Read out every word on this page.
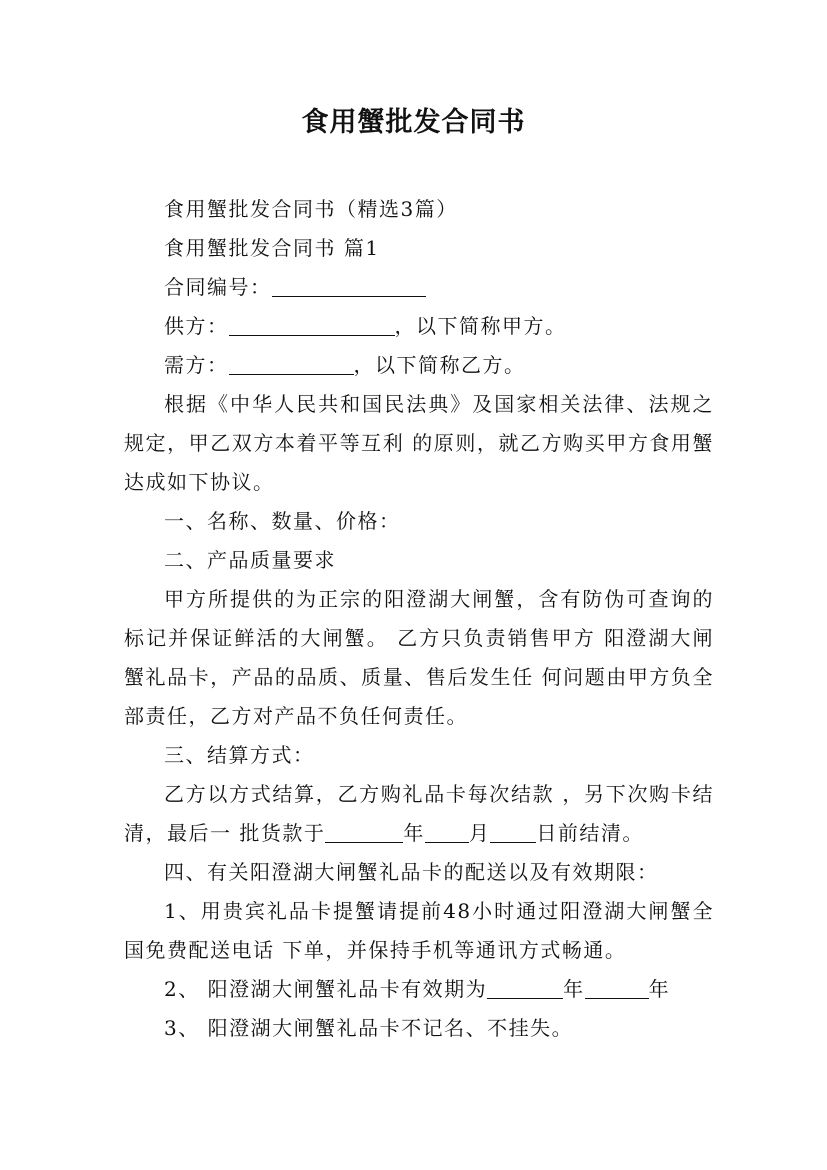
食用蟹批发合同书

食用蟹批发合同书（精选3篇）

食用蟹批发合同书 篇1

合同编号：

供方：	，以下简称甲方。

需方：	，以下简称乙方。

根据《中华人民共和国民法典》及国家相关法律、法规之规定，甲乙双方本着平等互利 的原则，就乙方购买甲方食用蟹达成如下协议。

一、名称、数量、价格：

二、产品质量要求

甲方所提供的为正宗的阳澄湖大闸蟹，含有防伪可查询的标记并保证鲜活的大闸蟹。 乙方只负责销售甲方 阳澄湖大闸蟹礼品卡，产品的品质、质量、售后发生任 何问题由甲方负全部责任，乙方对产品不负任何责任。

三、结算方式：

乙方以方式结算，乙方购礼品卡每次结款 ，另下次购卡结清，最后一 批货款于	年 月 日前结清。

四、有关阳澄湖大闸蟹礼品卡的配送以及有效期限：

1、用贵宾礼品卡提蟹请提前48小时通过阳澄湖大闸蟹全国免费配送电话 下单，并保持手机等通讯方式畅通。

2、 阳澄湖大闸蟹礼品卡有效期为	年	年

3、 阳澄湖大闸蟹礼品卡不记名、不挂失。
